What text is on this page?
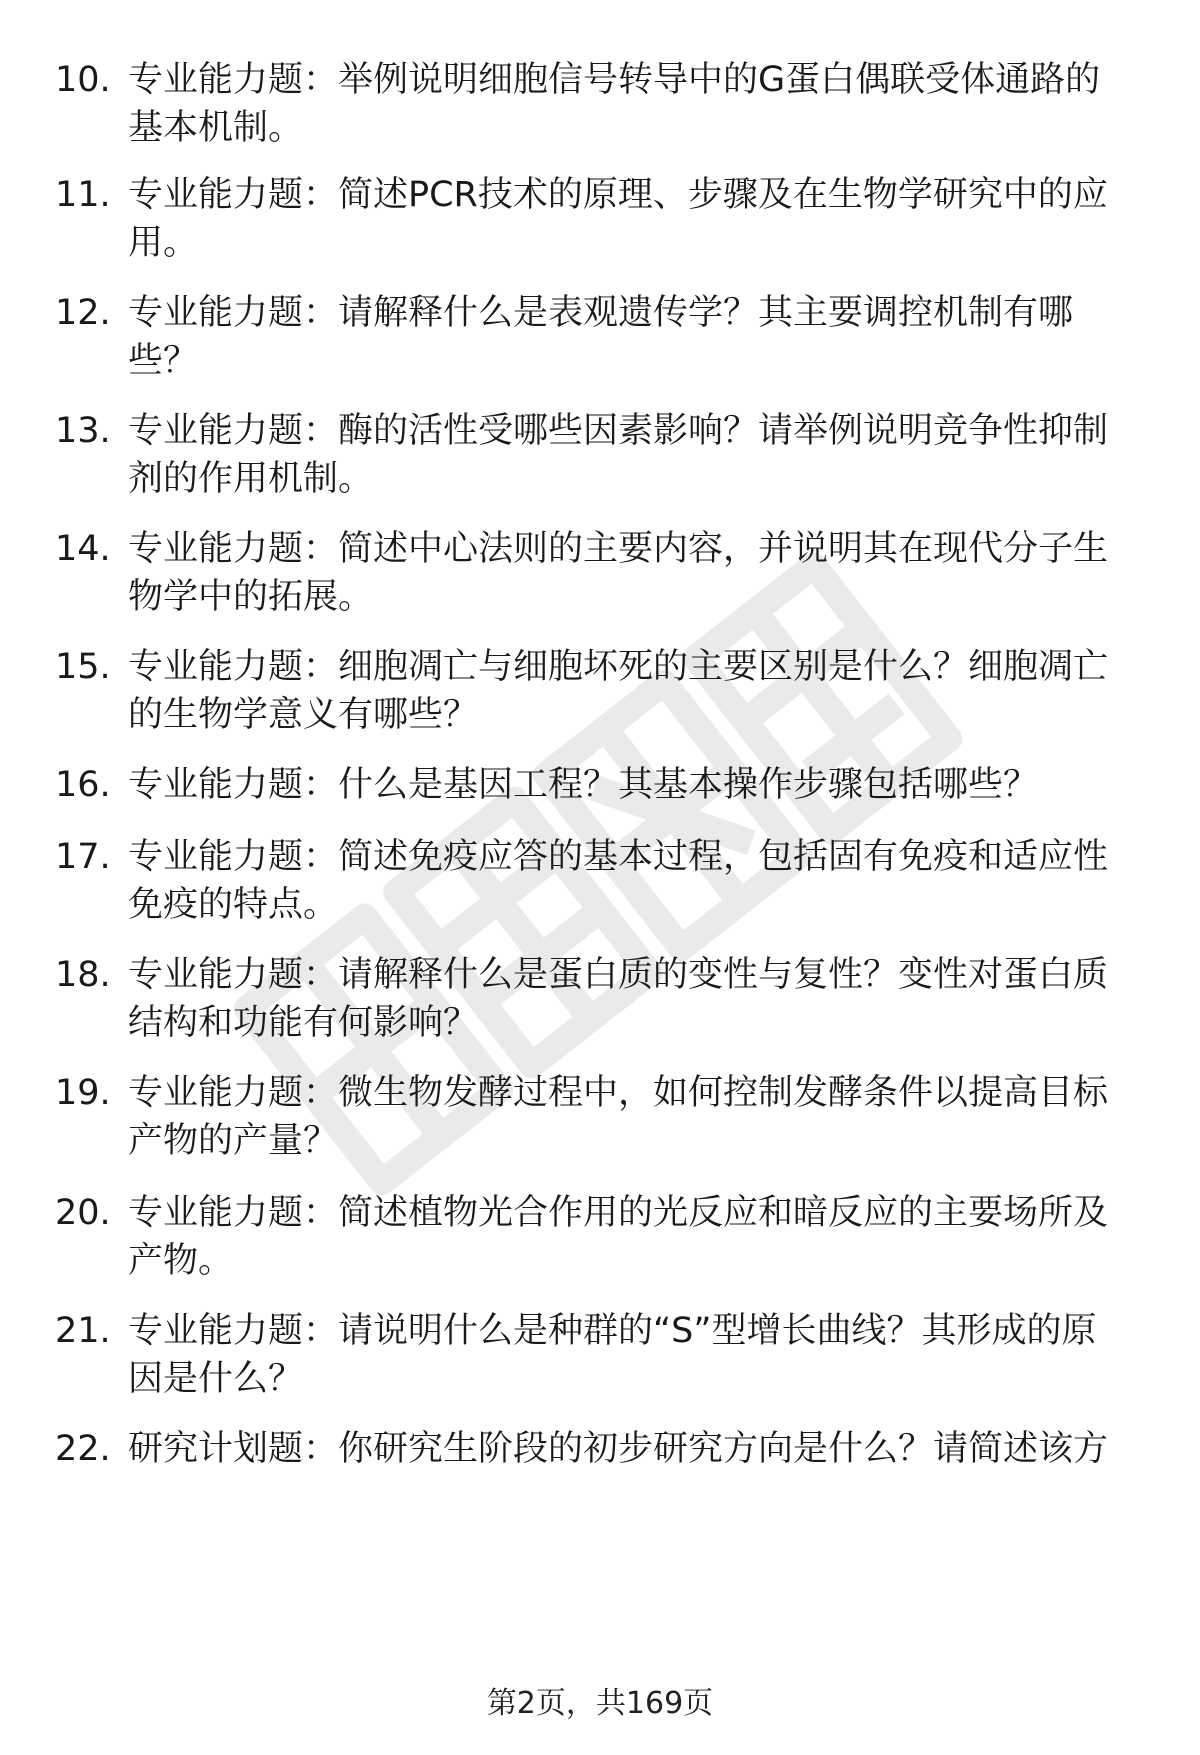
10. 专业能力题：举例说明细胞信号转导中的G蛋白偶联受体通路的
基本机制。
11. 专业能力题：简述PCR技术的原理、步骤及在生物学研究中的应
用。
12. 专业能力题：请解释什么是表观遗传学？其主要调控机制有哪
些？
13. 专业能力题：酶的活性受哪些因素影响？请举例说明竞争性抑制
剂的作用机制。
14. 专业能力题：简述中心法则的主要内容，并说明其在现代分子生
物学中的拓展。
15. 专业能力题：细胞凋亡与细胞坏死的主要区别是什么？细胞凋亡
的生物学意义有哪些？
16. 专业能力题：什么是基因工程？其基本操作步骤包括哪些？
17. 专业能力题：简述免疫应答的基本过程，包括固有免疫和适应性
免疫的特点。
18. 专业能力题：请解释什么是蛋白质的变性与复性？变性对蛋白质
结构和功能有何影响？
19. 专业能力题：微生物发酵过程中，如何控制发酵条件以提高目标
产物的产量？
20. 专业能力题：简述植物光合作用的光反应和暗反应的主要场所及
产物。
21. 专业能力题：请说明什么是种群的“S”型增长曲线？其形成的原
因是什么？
22. 研究计划题：你研究生阶段的初步研究方向是什么？请简述该方
第2页，共169页
